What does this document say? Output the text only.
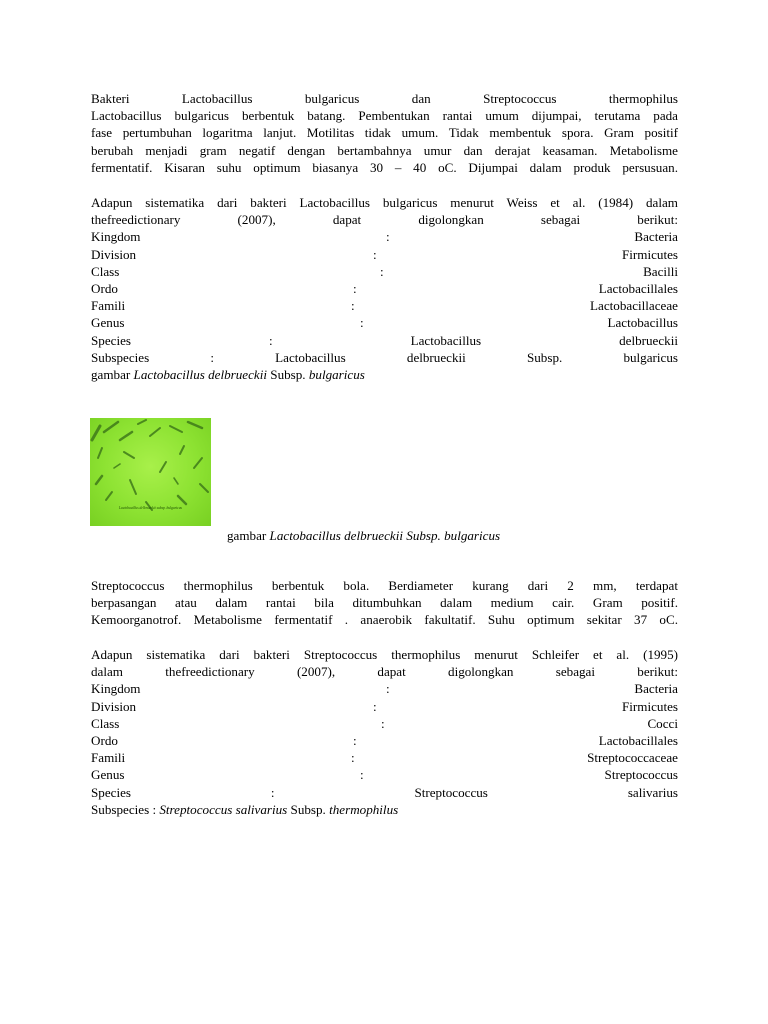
Bakteri Lactobacillus bulgaricus dan Streptococcus thermophilus

Lactobacillus bulgaricus berbentuk batang. Pembentukan rantai umum dijumpai, terutama pada

fase pertumbuhan logaritma lanjut. Motilitas tidak umum. Tidak membentuk spora. Gram positif

berubah menjadi gram negatif dengan bertambahnya umur dan derajat keasaman. Metabolisme

fermentatif. Kisaran suhu optimum biasanya 30 – 40 oC. Dijumpai dalam produk persusuan.

Adapun sistematika dari bakteri Lactobacillus bulgaricus menurut Weiss et al. (1984) dalam

thefreedictionary (2007), dapat digolongkan sebagai berikut:

Kingdom	:	Bacteria
Division	:	Firmicutes
Class	:	Bacilli
Ordo	:	Lactobacillales
Famili	:	Lactobacillaceae
Genus	:	Lactobacillus
Species	:	Lactobacillus	delbrueckii
Subspecies	:	Lactobacillus	delbrueckii	Subsp.	bulgaricus

gambar Lactobacillus delbrueckii Subsp. bulgaricus

Lactobacillus delbrueckii subsp. bulgaricus
gambar Lactobacillus delbrueckii Subsp. bulgaricus

Streptococcus thermophilus berbentuk bola. Berdiameter kurang dari 2 mm, terdapat

berpasangan atau dalam rantai bila ditumbuhkan dalam medium cair. Gram positif.

Kemoorganotrof. Metabolisme fermentatif . anaerobik fakultatif. Suhu optimum sekitar 37 oC.

Adapun sistematika dari bakteri Streptococcus thermophilus menurut Schleifer et al. (1995)

dalam thefreedictionary (2007), dapat digolongkan sebagai berikut:

Kingdom	:	Bacteria
Division	:	Firmicutes
Class	:	Cocci
Ordo	:	Lactobacillales
Famili	:	Streptococcaceae
Genus	:	Streptococcus
Species	:	Streptococcus	salivarius

Subspecies : Streptococcus salivarius Subsp. thermophilus
